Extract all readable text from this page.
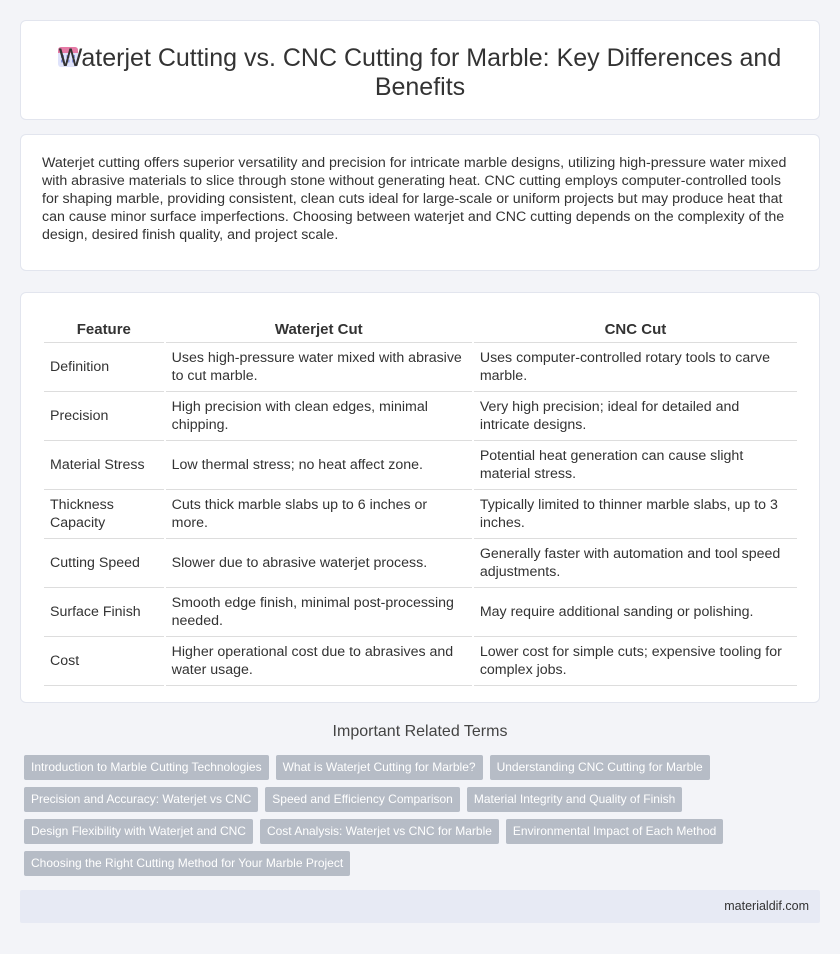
Waterjet Cutting vs. CNC Cutting for Marble: Key Differences and Benefits

Waterjet cutting offers superior versatility and precision for intricate marble designs, utilizing high-pressure water mixed with abrasive materials to slice through stone without generating heat. CNC cutting employs computer-controlled tools for shaping marble, providing consistent, clean cuts ideal for large-scale or uniform projects but may produce heat that can cause minor surface imperfections. Choosing between waterjet and CNC cutting depends on the complexity of the design, desired finish quality, and project scale.

Feature	Waterjet Cut	CNC Cut
Definition	Uses high-pressure water mixed with abrasive to cut marble.	Uses computer-controlled rotary tools to carve marble.
Precision	High precision with clean edges, minimal chipping.	Very high precision; ideal for detailed and intricate designs.
Material Stress	Low thermal stress; no heat affect zone.	Potential heat generation can cause slight material stress.
Thickness Capacity	Cuts thick marble slabs up to 6 inches or more.	Typically limited to thinner marble slabs, up to 3 inches.
Cutting Speed	Slower due to abrasive waterjet process.	Generally faster with automation and tool speed adjustments.
Surface Finish	Smooth edge finish, minimal post-processing needed.	May require additional sanding or polishing.
Cost	Higher operational cost due to abrasives and water usage.	Lower cost for simple cuts; expensive tooling for complex jobs.
Important Related Terms
Introduction to Marble Cutting Technologies	What is Waterjet Cutting for Marble?	Understanding CNC Cutting for Marble
Precision and Accuracy: Waterjet vs CNC	Speed and Efficiency Comparison	Material Integrity and Quality of Finish
Design Flexibility with Waterjet and CNC	Cost Analysis: Waterjet vs CNC for Marble	Environmental Impact of Each Method
Choosing the Right Cutting Method for Your Marble Project
materialdif.com
